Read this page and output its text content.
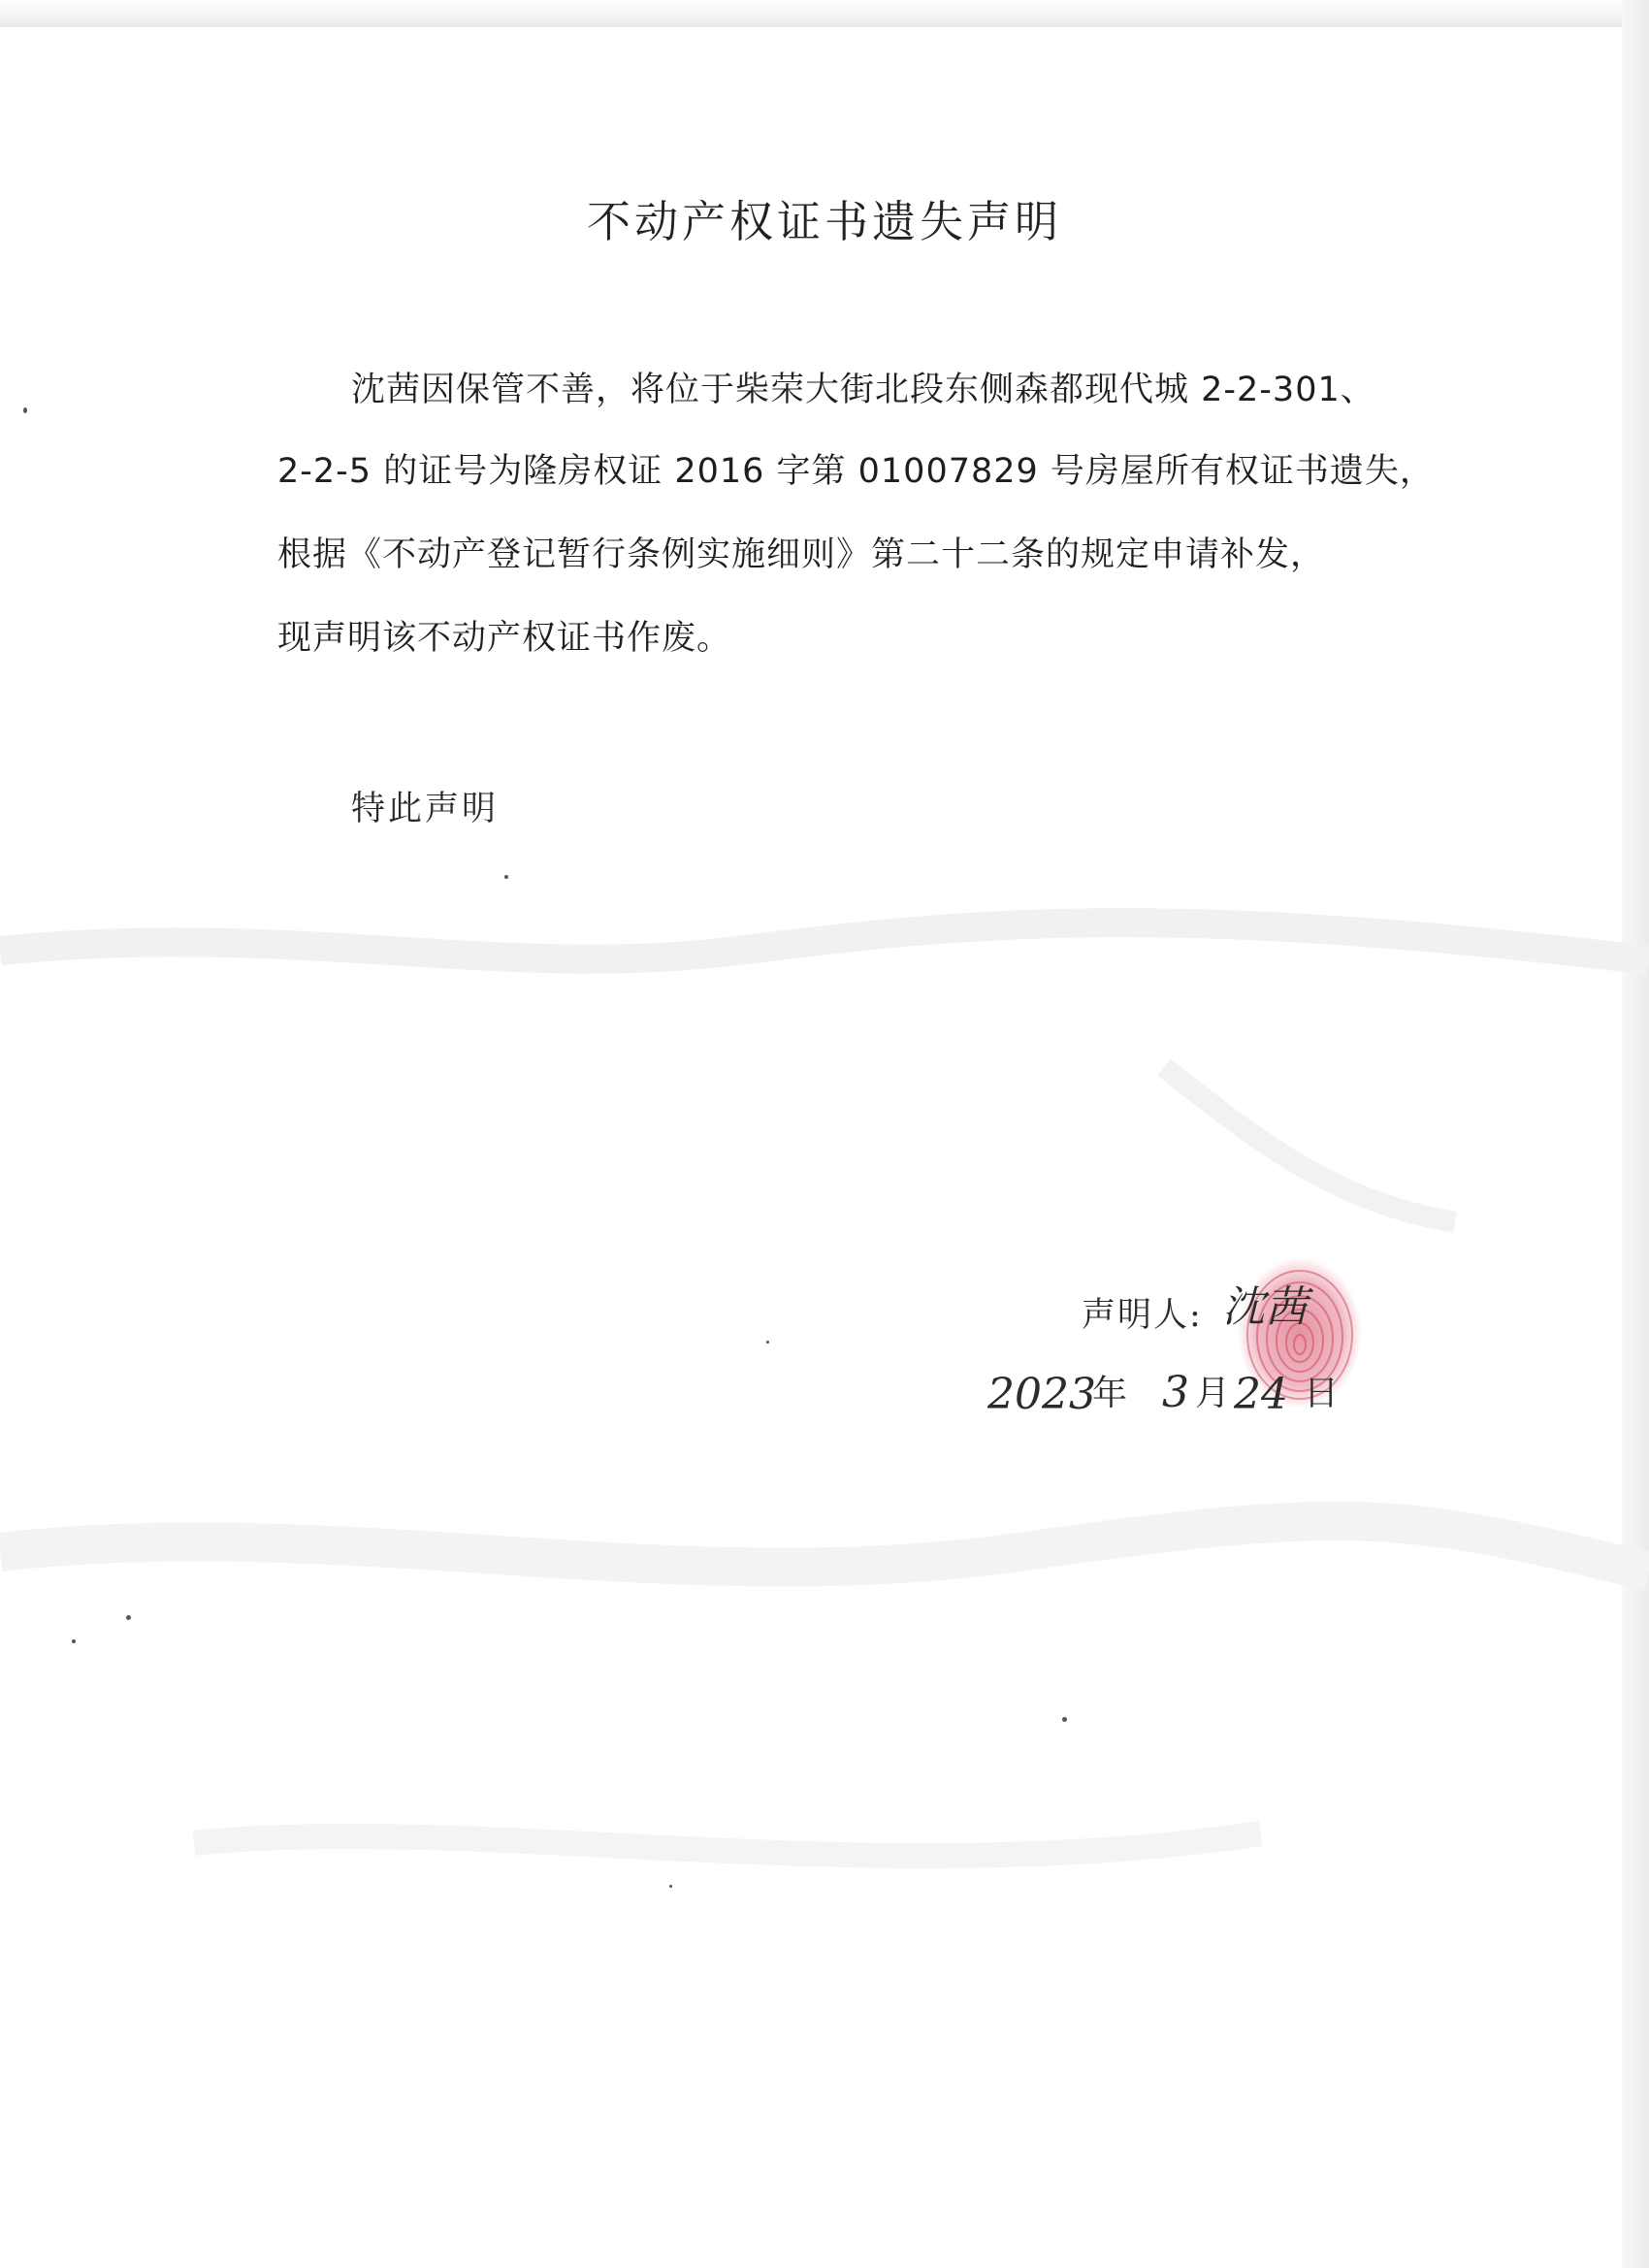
不动产权证书遗失声明
沈茜因保管不善，将位于柴荣大街北段东侧森都现代城 2-2-301、
2-2-5 的证号为隆房权证 2016 字第 01007829 号房屋所有权证书遗失，
根据《不动产登记暂行条例实施细则》第二十二条的规定申请补发，
现声明该不动产权证书作废。
特此声明
声明人: 沈茜
2023
年 3 月 24 日
